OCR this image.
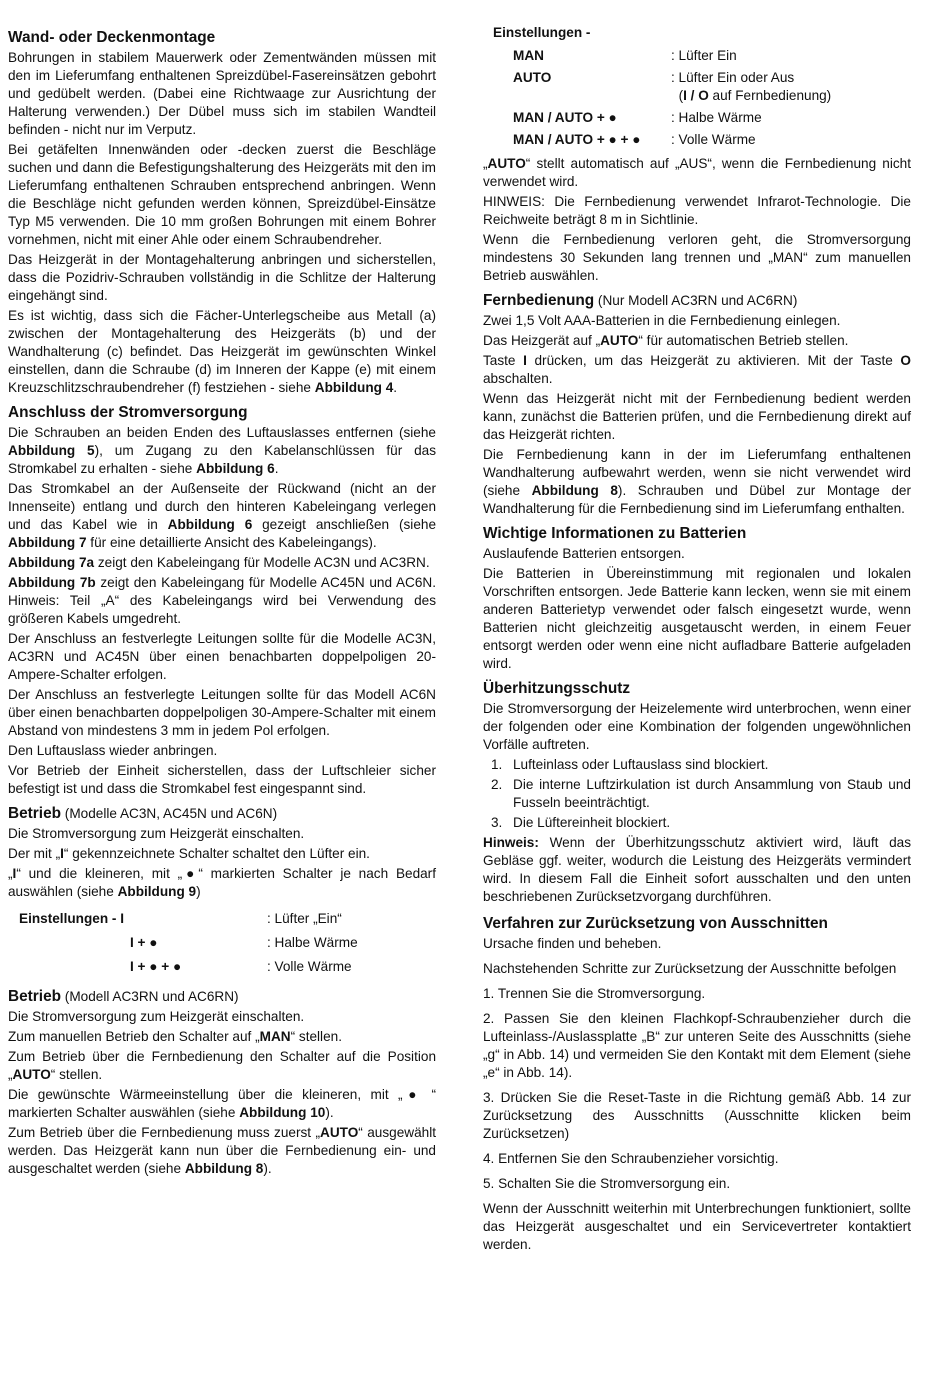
Wand- oder Deckenmontage

Bohrungen in stabilem Mauerwerk oder Zementwänden müssen mit den im Lieferumfang enthaltenen Spreizdübel-Fasereinsätzen gebohrt und gedübelt werden. (Dabei eine Richtwaage zur Ausrichtung der Halterung verwenden.) Der Dübel muss sich im stabilen Wandteil befinden - nicht nur im Verputz.

Bei getäfelten Innenwänden oder -decken zuerst die Beschläge suchen und dann die Befestigungshalterung des Heizgeräts mit den im Lieferumfang enthaltenen Schrauben entsprechend anbringen. Wenn die Beschläge nicht gefunden werden können, Spreizdübel-Einsätze Typ M5 verwenden. Die 10 mm großen Bohrungen mit einem Bohrer vornehmen, nicht mit einer Ahle oder einem Schraubendreher.

Das Heizgerät in der Montagehalterung anbringen und sicherstellen, dass die Pozidriv-Schrauben vollständig in die Schlitze der Halterung eingehängt sind.

Es ist wichtig, dass sich die Fächer-Unterlegscheibe aus Metall (a) zwischen der Montagehalterung des Heizgeräts (b) und der Wandhalterung (c) befindet. Das Heizgerät im gewünschten Winkel einstellen, dann die Schraube (d) im Inneren der Kappe (e) mit einem Kreuzschlitzschraubendreher (f) festziehen - siehe Abbildung 4.

Anschluss der Stromversorgung

Die Schrauben an beiden Enden des Luftauslasses entfernen (siehe Abbildung 5), um Zugang zu den Kabelanschlüssen für das Stromkabel zu erhalten - siehe Abbildung 6.

Das Stromkabel an der Außenseite der Rückwand (nicht an der Innenseite) entlang und durch den hinteren Kabeleingang verlegen und das Kabel wie in Abbildung 6 gezeigt anschließen (siehe Abbildung 7 für eine detaillierte Ansicht des Kabeleingangs).

Abbildung 7a zeigt den Kabeleingang für Modelle AC3N und AC3RN.

Abbildung 7b zeigt den Kabeleingang für Modelle AC45N und AC6N. Hinweis: Teil „A“ des Kabeleingangs wird bei Verwendung des größeren Kabels umgedreht.

Der Anschluss an festverlegte Leitungen sollte für die Modelle AC3N, AC3RN und AC45N über einen benachbarten doppelpoligen 20-Ampere-Schalter erfolgen.

Der Anschluss an festverlegte Leitungen sollte für das Modell AC6N über einen benachbarten doppelpoligen 30-Ampere-Schalter mit einem Abstand von mindestens 3 mm in jedem Pol erfolgen.

Den Luftauslass wieder anbringen.

Vor Betrieb der Einheit sicherstellen, dass der Luftschleier sicher befestigt ist und dass die Stromkabel fest eingespannt sind.

Betrieb (Modelle AC3N, AC45N und AC6N)

Die Stromversorgung zum Heizgerät einschalten.

Der mit „I“ gekennzeichnete Schalter schaltet den Lüfter ein.

„I“ und die kleineren, mit „●“ markierten Schalter je nach Bedarf auswählen (siehe Abbildung 9)

Einstellungen - I	: Lüfter „Ein“
I + ●	: Halbe Wärme
I + ● + ●	: Volle Wärme
Betrieb (Modell AC3RN und AC6RN)

Die Stromversorgung zum Heizgerät einschalten.

Zum manuellen Betrieb den Schalter auf „MAN“ stellen.

Zum Betrieb über die Fernbedienung den Schalter auf die Position „AUTO“ stellen.

Die gewünschte Wärmeeinstellung über die kleineren, mit „● “ markierten Schalter auswählen (siehe Abbildung 10).

Zum Betrieb über die Fernbedienung muss zuerst „AUTO“ ausgewählt werden. Das Heizgerät kann nun über die Fernbedienung ein- und ausgeschaltet werden (siehe Abbildung 8).

Einstellungen -
MAN	: Lüfter Ein
AUTO	: Lüfter Ein oder Aus
(I / O auf Fernbedienung)
MAN / AUTO + ●	: Halbe Wärme
MAN / AUTO + ● + ●	: Volle Wärme

„AUTO“ stellt automatisch auf „AUS“, wenn die Fernbedienung nicht verwendet wird.

HINWEIS: Die Fernbedienung verwendet Infrarot-Technologie. Die Reichweite beträgt 8 m in Sichtlinie.

Wenn die Fernbedienung verloren geht, die Stromversorgung mindestens 30 Sekunden lang trennen und „MAN“ zum manuellen Betrieb auswählen.

Fernbedienung (Nur Modell AC3RN und AC6RN)

Zwei 1,5 Volt AAA-Batterien in die Fernbedienung einlegen.

Das Heizgerät auf „AUTO“ für automatischen Betrieb stellen.

Taste I drücken, um das Heizgerät zu aktivieren. Mit der Taste O abschalten.

Wenn das Heizgerät nicht mit der Fernbedienung bedient werden kann, zunächst die Batterien prüfen, und die Fernbedienung direkt auf das Heizgerät richten.

Die Fernbedienung kann in der im Lieferumfang enthaltenen Wandhalterung aufbewahrt werden, wenn sie nicht verwendet wird (siehe Abbildung 8). Schrauben und Dübel zur Montage der Wandhalterung für die Fernbedienung sind im Lieferumfang enthalten.

Wichtige Informationen zu Batterien

Auslaufende Batterien entsorgen.

Die Batterien in Übereinstimmung mit regionalen und lokalen Vorschriften entsorgen. Jede Batterie kann lecken, wenn sie mit einem anderen Batterietyp verwendet oder falsch eingesetzt wurde, wenn Batterien nicht gleichzeitig ausgetauscht werden, in einem Feuer entsorgt werden oder wenn eine nicht aufladbare Batterie aufgeladen wird.

Überhitzungsschutz

Die Stromversorgung der Heizelemente wird unterbrochen, wenn einer der folgenden oder eine Kombination der folgenden ungewöhnlichen Vorfälle auftreten.

1. Lufteinlass oder Luftauslass sind blockiert.
2. Die interne Luftzirkulation ist durch Ansammlung von Staub und Fusseln beeinträchtigt.
3. Die Lüftereinheit blockiert.

Hinweis: Wenn der Überhitzungsschutz aktiviert wird, läuft das Gebläse ggf. weiter, wodurch die Leistung des Heizgeräts vermindert wird. In diesem Fall die Einheit sofort ausschalten und den unten beschriebenen Zurücksetzvorgang durchführen.

Verfahren zur Zurücksetzung von Ausschnitten

Ursache finden und beheben.

Nachstehenden Schritte zur Zurücksetzung der Ausschnitte befolgen

1. Trennen Sie die Stromversorgung.

2. Passen Sie den kleinen Flachkopf-Schraubenzieher durch die Lufteinlass-/Auslassplatte „B“ zur unteren Seite des Ausschnitts (siehe „g“ in Abb. 14) und vermeiden Sie den Kontakt mit dem Element (siehe „e“ in Abb. 14).

3. Drücken Sie die Reset-Taste in die Richtung gemäß Abb. 14 zur Zurücksetzung des Ausschnitts (Ausschnitte klicken beim Zurücksetzen)

4. Entfernen Sie den Schraubenzieher vorsichtig.

5. Schalten Sie die Stromversorgung ein.

Wenn der Ausschnitt weiterhin mit Unterbrechungen funktioniert, sollte das Heizgerät ausgeschaltet und ein Servicevertreter kontaktiert werden.
